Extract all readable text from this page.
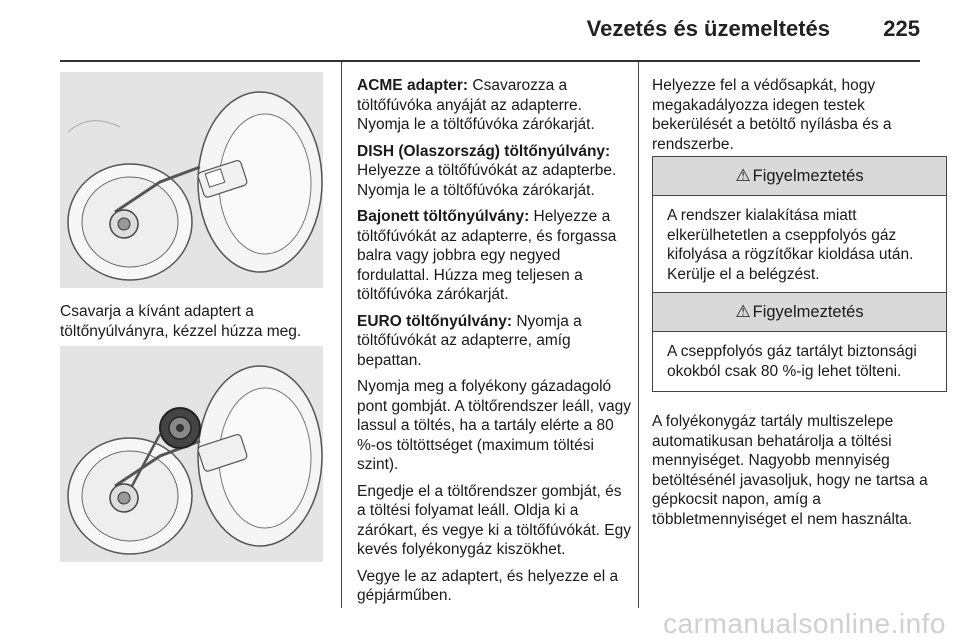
Vezetés és üzemeltetés 225

Csavarja a kívánt adaptert a töltőnyúlványra, kézzel húzza meg.

ACME adapter: Csavarozza a töltőfúvóka anyáját az adapterre. Nyomja le a töltőfúvóka zárókarját.

DISH (Olaszország) töltőnyúlvány: Helyezze a töltőfúvókát az adapterbe. Nyomja le a töltőfúvóka zárókarját.

Bajonett töltőnyúlvány: Helyezze a töltőfúvókát az adapterre, és forgassa balra vagy jobbra egy negyed fordulattal. Húzza meg teljesen a töltőfúvóka zárókarját.

EURO töltőnyúlvány: Nyomja a töltőfúvókát az adapterre, amíg bepattan.

Nyomja meg a folyékony gázadagoló pont gombját. A töltőrendszer leáll, vagy lassul a töltés, ha a tartály elérte a 80 %-os töltöttséget (maximum töltési szint).

Engedje el a töltőrendszer gombját, és a töltési folyamat leáll. Oldja ki a zárókart, és vegye ki a töltőfúvókát. Egy kevés folyékonygáz kiszökhet.

Vegye le az adaptert, és helyezze el a gépjárműben.

Helyezze fel a védősapkát, hogy megakadályozza idegen testek bekerülését a betöltő nyílásba és a rendszerbe.

⚠ Figyelmeztetés
A rendszer kialakítása miatt elkerülhetetlen a cseppfolyós gáz kifolyása a rögzítőkar kioldása után. Kerülje el a belégzést.
⚠ Figyelmeztetés
A cseppfolyós gáz tartályt biztonsági okokból csak 80 %-ig lehet tölteni.

A folyékonygáz tartály multiszelepe automatikusan behatárolja a töltési mennyiséget. Nagyobb mennyiség betöltésénél javasoljuk, hogy ne tartsa a gépkocsit napon, amíg a többletmennyiséget el nem használta.

carmanualsonline.info
